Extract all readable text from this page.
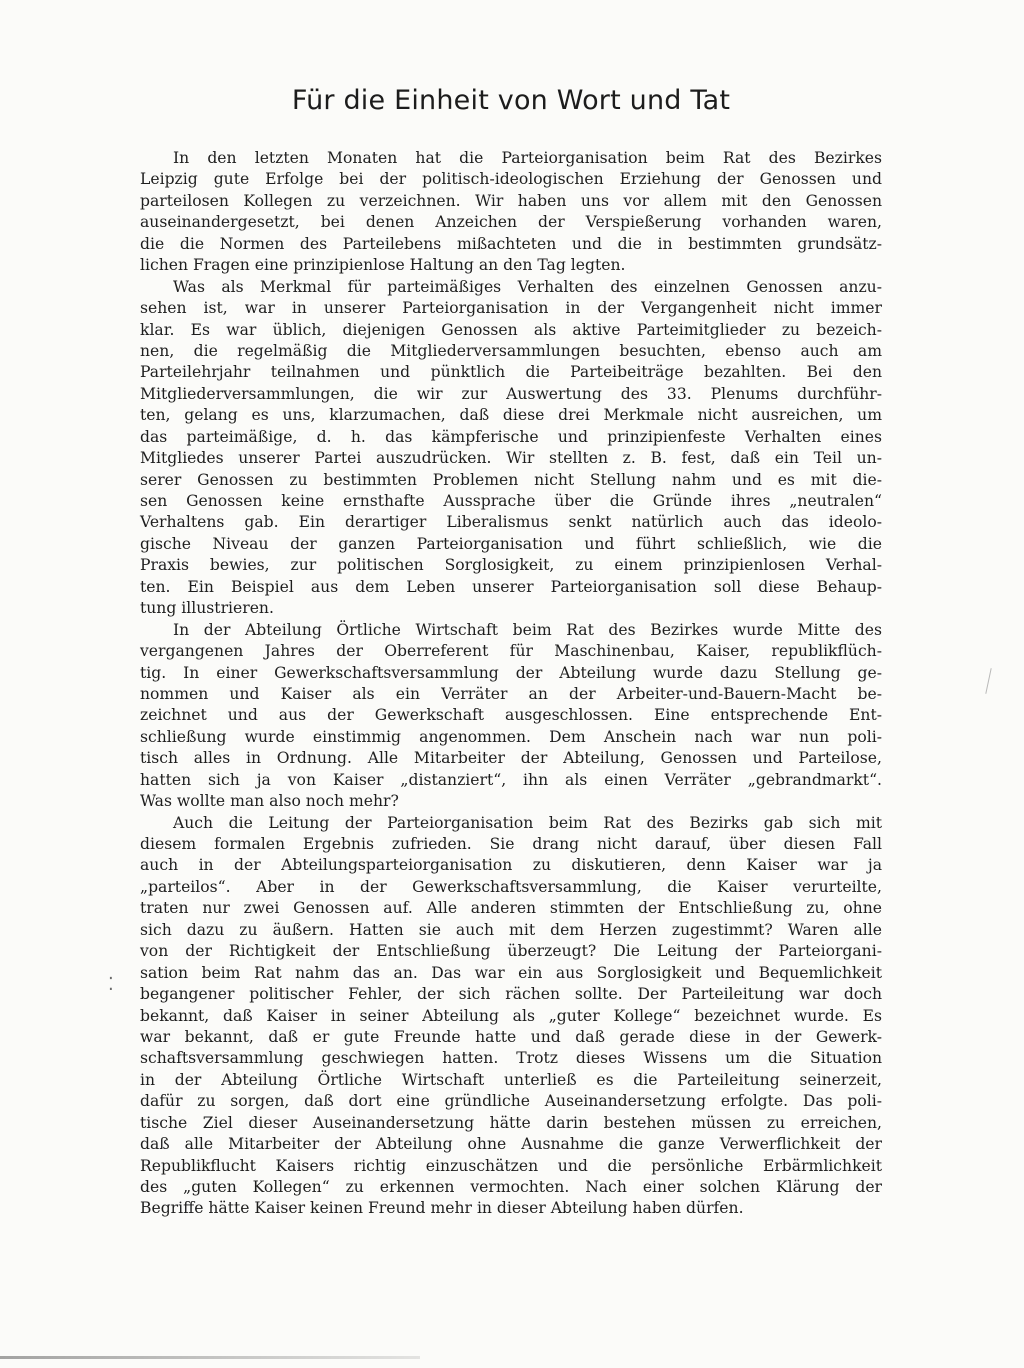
⁚
Für die Einheit von Wort und Tat
In den letzten Monaten hat die Parteiorganisation beim Rat des Bezirkes
Leipzig gute Erfolge bei der politisch-ideologischen Erziehung der Genossen und
parteilosen Kollegen zu verzeichnen. Wir haben uns vor allem mit den Genossen
auseinandergesetzt, bei denen Anzeichen der Verspießerung vorhanden waren,
die die Normen des Parteilebens mißachteten und die in bestimmten grundsätz-
lichen Fragen eine prinzipienlose Haltung an den Tag legten.
Was als Merkmal für parteimäßiges Verhalten des einzelnen Genossen anzu-
sehen ist, war in unserer Parteiorganisation in der Vergangenheit nicht immer
klar. Es war üblich, diejenigen Genossen als aktive Parteimitglieder zu bezeich-
nen, die regelmäßig die Mitgliederversammlungen besuchten, ebenso auch am
Parteilehrjahr teilnahmen und pünktlich die Parteibeiträge bezahlten. Bei den
Mitgliederversammlungen, die wir zur Auswertung des 33. Plenums durchführ-
ten, gelang es uns, klarzumachen, daß diese drei Merkmale nicht ausreichen, um
das parteimäßige, d. h. das kämpferische und prinzipienfeste Verhalten eines
Mitgliedes unserer Partei auszudrücken. Wir stellten z. B. fest, daß ein Teil un-
serer Genossen zu bestimmten Problemen nicht Stellung nahm und es mit die-
sen Genossen keine ernsthafte Aussprache über die Gründe ihres „neutralen“
Verhaltens gab. Ein derartiger Liberalismus senkt natürlich auch das ideolo-
gische Niveau der ganzen Parteiorganisation und führt schließlich, wie die
Praxis bewies, zur politischen Sorglosigkeit, zu einem prinzipienlosen Verhal-
ten. Ein Beispiel aus dem Leben unserer Parteiorganisation soll diese Behaup-
tung illustrieren.
In der Abteilung Örtliche Wirtschaft beim Rat des Bezirkes wurde Mitte des
vergangenen Jahres der Oberreferent für Maschinenbau, Kaiser, republikflüch-
tig. In einer Gewerkschaftsversammlung der Abteilung wurde dazu Stellung ge-
nommen und Kaiser als ein Verräter an der Arbeiter-und-Bauern-Macht be-
zeichnet und aus der Gewerkschaft ausgeschlossen. Eine entsprechende Ent-
schließung wurde einstimmig angenommen. Dem Anschein nach war nun poli-
tisch alles in Ordnung. Alle Mitarbeiter der Abteilung, Genossen und Parteilose,
hatten sich ja von Kaiser „distanziert“, ihn als einen Verräter „gebrandmarkt“.
Was wollte man also noch mehr?
Auch die Leitung der Parteiorganisation beim Rat des Bezirks gab sich mit
diesem formalen Ergebnis zufrieden. Sie drang nicht darauf, über diesen Fall
auch in der Abteilungsparteiorganisation zu diskutieren, denn Kaiser war ja
„parteilos“. Aber in der Gewerkschaftsversammlung, die Kaiser verurteilte,
traten nur zwei Genossen auf. Alle anderen stimmten der Entschließung zu, ohne
sich dazu zu äußern. Hatten sie auch mit dem Herzen zugestimmt? Waren alle
von der Richtigkeit der Entschließung überzeugt? Die Leitung der Parteiorgani-
sation beim Rat nahm das an. Das war ein aus Sorglosigkeit und Bequemlichkeit
begangener politischer Fehler, der sich rächen sollte. Der Parteileitung war doch
bekannt, daß Kaiser in seiner Abteilung als „guter Kollege“ bezeichnet wurde. Es
war bekannt, daß er gute Freunde hatte und daß gerade diese in der Gewerk-
schaftsversammlung geschwiegen hatten. Trotz dieses Wissens um die Situation
in der Abteilung Örtliche Wirtschaft unterließ es die Parteileitung seinerzeit,
dafür zu sorgen, daß dort eine gründliche Auseinandersetzung erfolgte. Das poli-
tische Ziel dieser Auseinandersetzung hätte darin bestehen müssen zu erreichen,
daß alle Mitarbeiter der Abteilung ohne Ausnahme die ganze Verwerflichkeit der
Republikflucht Kaisers richtig einzuschätzen und die persönliche Erbärmlichkeit
des „guten Kollegen“ zu erkennen vermochten. Nach einer solchen Klärung der
Begriffe hätte Kaiser keinen Freund mehr in dieser Abteilung haben dürfen.
